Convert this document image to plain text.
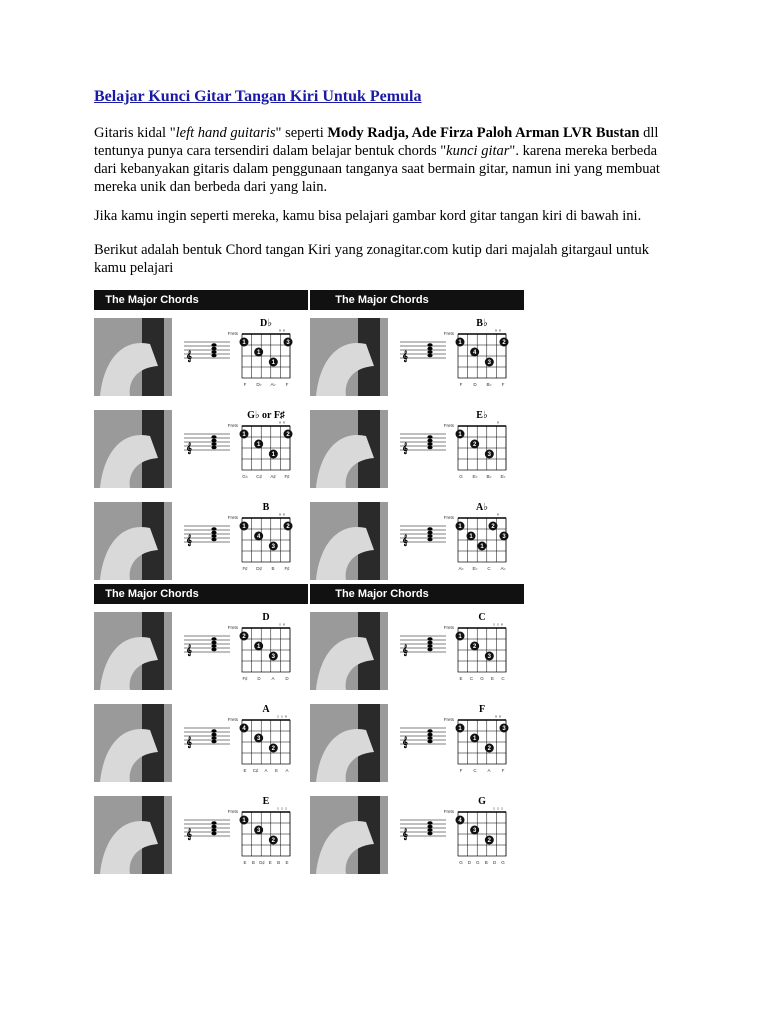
Belajar Kunci Gitar Tangan Kiri Untuk Pemula
Gitaris kidal "left hand guitaris" seperti Mody Radja, Ade Firza Paloh Arman LVR Bustan dll tentunya punya cara tersendiri dalam belajar bentuk chords "kunci gitar". karena mereka berbeda dari kebanyakan gitaris dalam penggunaan tanganya saat bermain gitar, namun ini yang membuat mereka unik dan berbeda dari yang lain.
Jika kamu ingin seperti mereka, kamu bisa pelajari gambar kord gitar tangan kiri di bawah ini.
Berikut adalah bentuk Chord tangan Kiri yang zonagitar.com kutip dari majalah gitargaul untuk kamu pelajari
The Major Chords	The Major Chords
The Major Chords	The Major Chords
𝄞
D♭
Frets
× ×
1
1
1
3
F D♭ A♭ F
𝄞
B♭
Frets
× ×
1
4
3
2
F D B♭ F
𝄞
G♭ or F♯
Frets
× ×
1
1
1
2
G♭ C♯ A♯ F♯
𝄞
E♭
Frets
×
1
2
3
G E♭ B♭ E♭
𝄞
B
Frets
× ×
1
4
3
2
F♯ D♯ B F♯
𝄞
A♭
Frets
×
1
1
1
2
3
A♭ E♭ C A♭
𝄞
D
Frets
○ ×
2
1
3
F♯ D A D
𝄞
C
Frets
○ ○ ×
1
2
3
E C G E C
𝄞
A
Frets
○ ○ ×
4
3
2
E C♯ A E A
𝄞
F
Frets
× ×
1
1
2
3
F C A F
𝄞
E
Frets
○ ○ ○
1
3
2
E B G♯ E B E
𝄞
G
Frets
○ ○ ○
4
3
2
G D G B D G
